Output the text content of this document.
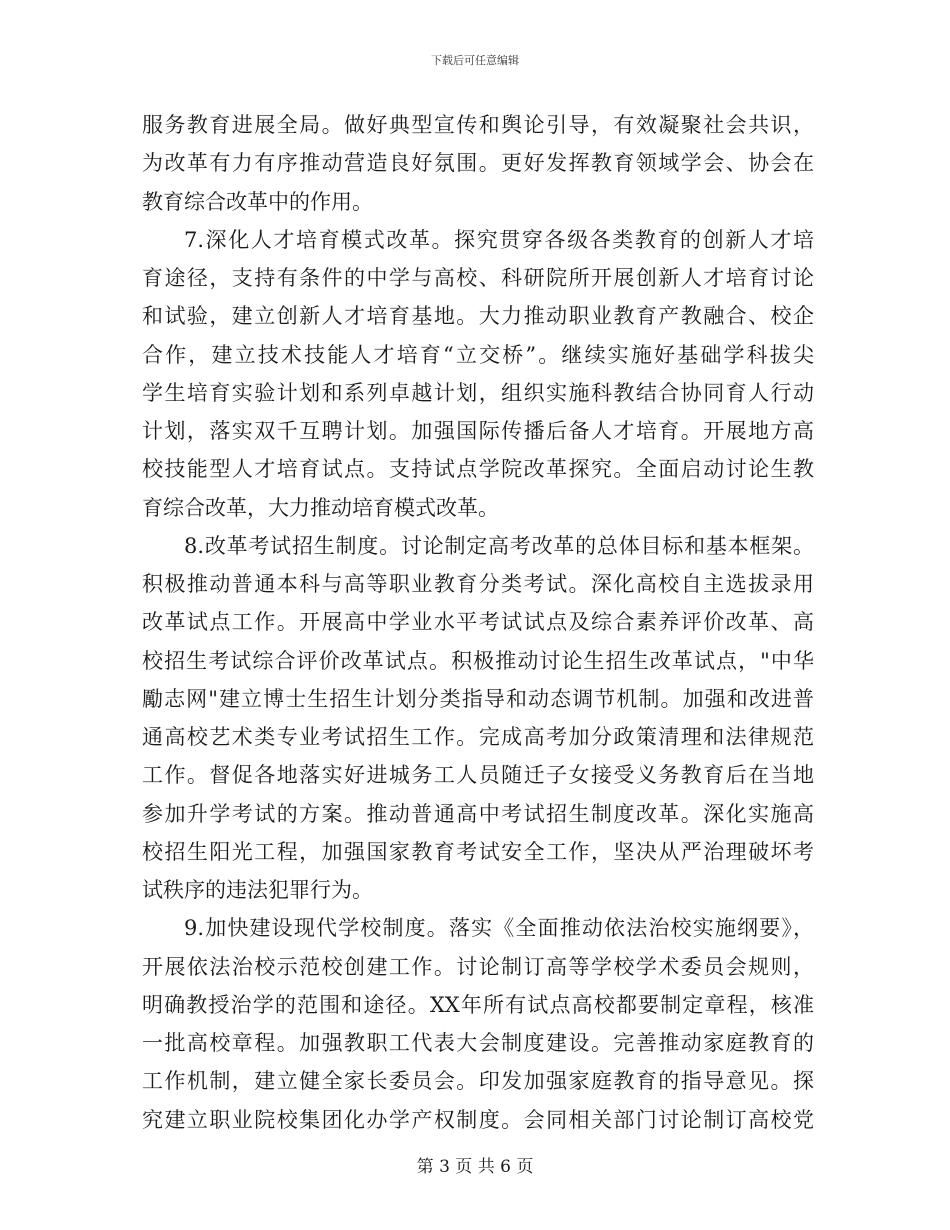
下载后可任意编辑
服务教育进展全局。做好典型宣传和舆论引导，有效凝聚社会共识，
为改革有力有序推动营造良好氛围。更好发挥教育领域学会、协会在
教育综合改革中的作用。
7.深化人才培育模式改革。探究贯穿各级各类教育的创新人才培
育途径，支持有条件的中学与高校、科研院所开展创新人才培育讨论
和试验，建立创新人才培育基地。大力推动职业教育产教融合、校企
合作，建立技术技能人才培育“立交桥”。继续实施好基础学科拔尖
学生培育实验计划和系列卓越计划，组织实施科教结合协同育人行动
计划，落实双千互聘计划。加强国际传播后备人才培育。开展地方高
校技能型人才培育试点。支持试点学院改革探究。全面启动讨论生教
育综合改革，大力推动培育模式改革。
8.改革考试招生制度。讨论制定高考改革的总体目标和基本框架。
积极推动普通本科与高等职业教育分类考试。深化高校自主选拔录用
改革试点工作。开展高中学业水平考试试点及综合素养评价改革、高
校招生考试综合评价改革试点。积极推动讨论生招生改革试点，"中华
勵志网"建立博士生招生计划分类指导和动态调节机制。加强和改进普
通高校艺术类专业考试招生工作。完成高考加分政策清理和法律规范
工作。督促各地落实好进城务工人员随迁子女接受义务教育后在当地
参加升学考试的方案。推动普通高中考试招生制度改革。深化实施高
校招生阳光工程，加强国家教育考试安全工作，坚决从严治理破坏考
试秩序的违法犯罪行为。
9.加快建设现代学校制度。落实《全面推动依法治校实施纲要》，
开展依法治校示范校创建工作。讨论制订高等学校学术委员会规则，
明确教授治学的范围和途径。XX年所有试点高校都要制定章程，核准
一批高校章程。加强教职工代表大会制度建设。完善推动家庭教育的
工作机制，建立健全家长委员会。印发加强家庭教育的指导意见。探
究建立职业院校集团化办学产权制度。会同相关部门讨论制订高校党
第 3 页 共 6 页
